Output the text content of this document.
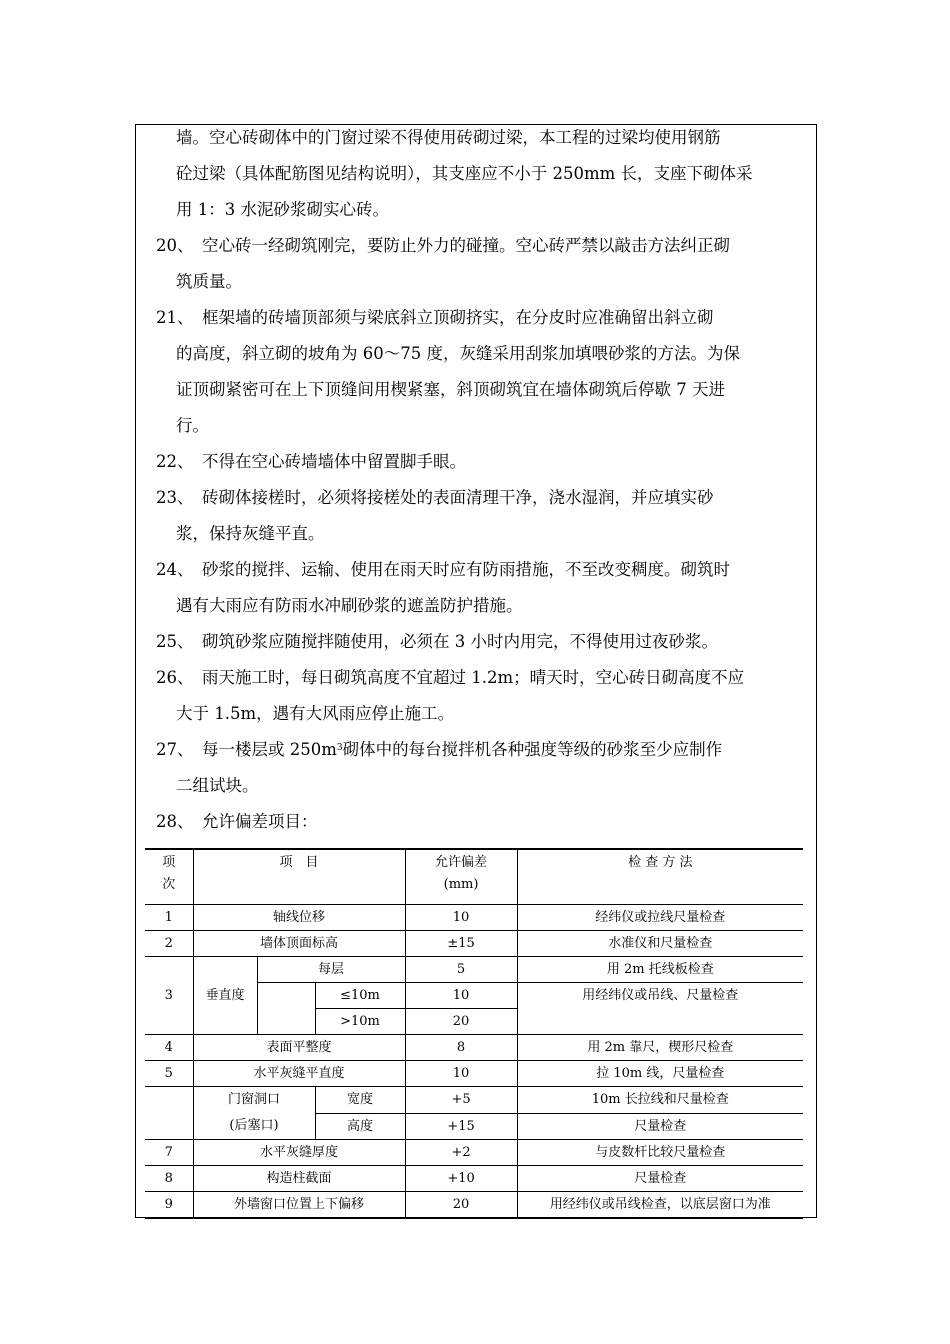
墙。空心砖砌体中的门窗过梁不得使用砖砌过梁，本工程的过梁均使用钢筋
砼过梁（具体配筋图见结构说明），其支座应不小于 250mm 长，支座下砌体采
用 1：3 水泥砂浆砌实心砖。
20、 空心砖一经砌筑刚完，要防止外力的碰撞。空心砖严禁以敲击方法纠正砌
筑质量。
21、 框架墙的砖墙顶部须与梁底斜立顶砌挤实，在分皮时应准确留出斜立砌
的高度，斜立砌的坡角为 60～75 度，灰缝采用刮浆加填喂砂浆的方法。为保
证顶砌紧密可在上下顶缝间用楔紧塞，斜顶砌筑宜在墙体砌筑后停歇 7 天进
行。
22、 不得在空心砖墙墙体中留置脚手眼。
23、 砖砌体接槎时，必须将接槎处的表面清理干净，浇水湿润，并应填实砂
浆，保持灰缝平直。
24、 砂浆的搅拌、运输、使用在雨天时应有防雨措施，不至改变稠度。砌筑时
遇有大雨应有防雨水冲刷砂浆的遮盖防护措施。
25、 砌筑砂浆应随搅拌随使用，必须在 3 小时内用完，不得使用过夜砂浆。
26、 雨天施工时，每日砌筑高度不宜超过 1.2m；晴天时，空心砖日砌高度不应
大于 1.5m，遇有大风雨应停止施工。
27、 每一楼层或 $250m^3$砌体中的每台搅拌机各种强度等级的砂浆至少应制作
二组试块。
28、 允许偏差项目：
项
次	项　目			允许偏差
(mm)	检 查 方 法
1	轴线位移			10	经纬仪或拉线尺量检查
2	墙体顶面标高			±15	水准仪和尺量检查
3	垂直度	每层		5	用 2m 托线板检查
			≤10m	10	用经纬仪或吊线、尺量检查
			>10m	20	
4	表面平整度			8	用 2m 靠尺，楔形尺检查
5	水平灰缝平直度			10	拉 10m 线，尺量检查
	门窗洞口
(后塞口)		宽度	+5	10m 长拉线和尺量检查
			高度	+15	尺量检查
7	水平灰缝厚度			+2	与皮数杆比较尺量检查
8	构造柱截面			+10	尺量检查
9	外墙窗口位置上下偏移			20	用经纬仪或吊线检查，以底层窗口为准
